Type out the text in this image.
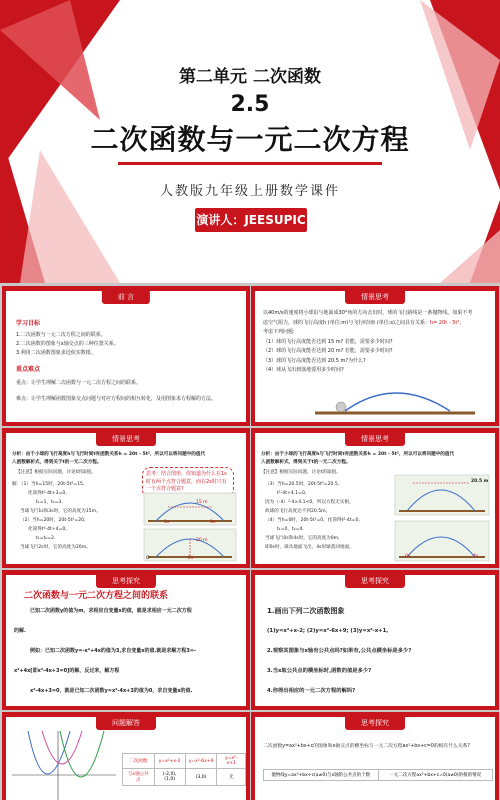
第二单元 二次函数
2.5
二次函数与一元二次方程
人教版九年级上册数学课件
演讲人：JEESUPIC
前 言
学习目标
1.二次函数与一元二次方程之间的联系。
2.二次函数的图象与x轴交点的三种位置关系。
3.利用二次函数图象求近似实数根。
重点难点
重点：让学生理解二次函数与一元二次方程之间的联系。
难点：让学生理解函数图象交点问题与对应方程间的相互转化，及用图象求方程解的方法。
情景思考
以40m/s的速度将小球沿与地面成30°角的方向击出时，球的飞行路线是一条抛物线。如果不考
虑空气阻力，球的飞行高度h (单位:m)与飞行时间t (单位:s)之间具有关系：h= 20t - 5t²。
考虑下列问题:
（1）球的飞行高度能否达到 15 m? 若能，需要多少时间?
（2）球的飞行高度能否达到 20 m? 若能，需要多少时间?
（3）球的飞行高度能否达到 20.5 m?为什么?
（4）球从飞出到落地要用多少时间?
情景思考
分析：由于小球的飞行高度h与飞行时间t有函数关系h = 20t - 5t²，所以可以将问题中的值代
入函数解析式，得到关于t的一元二次方程。
【注意】根据实际问题，讨论t的取值。
解：（1）当h=15时，20t-5t²=15,
化简得t²-4t+3=0,
t₁=1，t₂=3.
当球飞行1s和3s时，它的高度为15m。
（2）当h=20时，20t-5t²=20,
化简得t²-4t+4=0,
t₁=t₂=2.
当球飞行2s时，它的高度为20m。
思考：结合图形，你知道为什么在1s时有两个点符合题意，而在2s时只有一个点符合题意?
15 m
1s	3s
20 m
2s
O
情景思考
分析：由于小球的飞行高度h与飞行时间t有函数关系h = 20t - 5t²，所以可以将问题中的值代
入函数解析式，得到关于t的一元二次方程。
【注意】根据实际问题，讨论t的取值。
（3）当h=20.5时，20t-5t²=20.5,
t²-4t+4.1=0,
因为（-4）²-4×4.1<0，所以方程无实根。
故球的飞行高度达不到20.5m。
（4）当h=0时，20t-5t²=0，化简得t²-4t=0,
t₁=0，t₂=4.
当球飞行0s和4s时，它的高度为0m,
即0s时，球从地面飞出，4s时球落回地面。
20.5 m
0s	4s
思考探究
二次函数与一元二次方程之间的联系
已知二次函数y的值为m，求相应自变量x的值，就是求相应一元二次方程
的解.
例如：已知二次函数y=-x²+4x的值为3,求自变量x的值.就是求解方程3=-
x²+4x[即x²-4x+3=0]的解，反过来，解方程
x²-4x+3=0，就是已知二次函数y=x²-4x+3的值为0，求自变量x的值.
思考探究
1.画出下列二次函数图象
(1)y=x²+x-2; (2)y=x²-6x+9; (3)y=x²-x+1。
2.观察其图象与x轴有公共点吗?如果有,公共点横坐标是多少?
3.当x取公共点的横坐标时,函数的值是多少?
4.你得出相应的一元二次方程的解吗?
问题解答
二次函数	y=x²+x-2	y=x²-6x+9	y=x²-x+1
与x轴公共点	(-2,0),(1,0)	(3,0)	无
思考探究
二次函数y=ax²+bx+c的图象和x轴交点的横坐标与一元二次方程ax²+bx+c=0的根有什么关系?
抛物线y=ax²+bx+c(a≠0)与x轴的公共点的个数	一元二次方程ax²+bx+c=0(a≠0)的根的情况
